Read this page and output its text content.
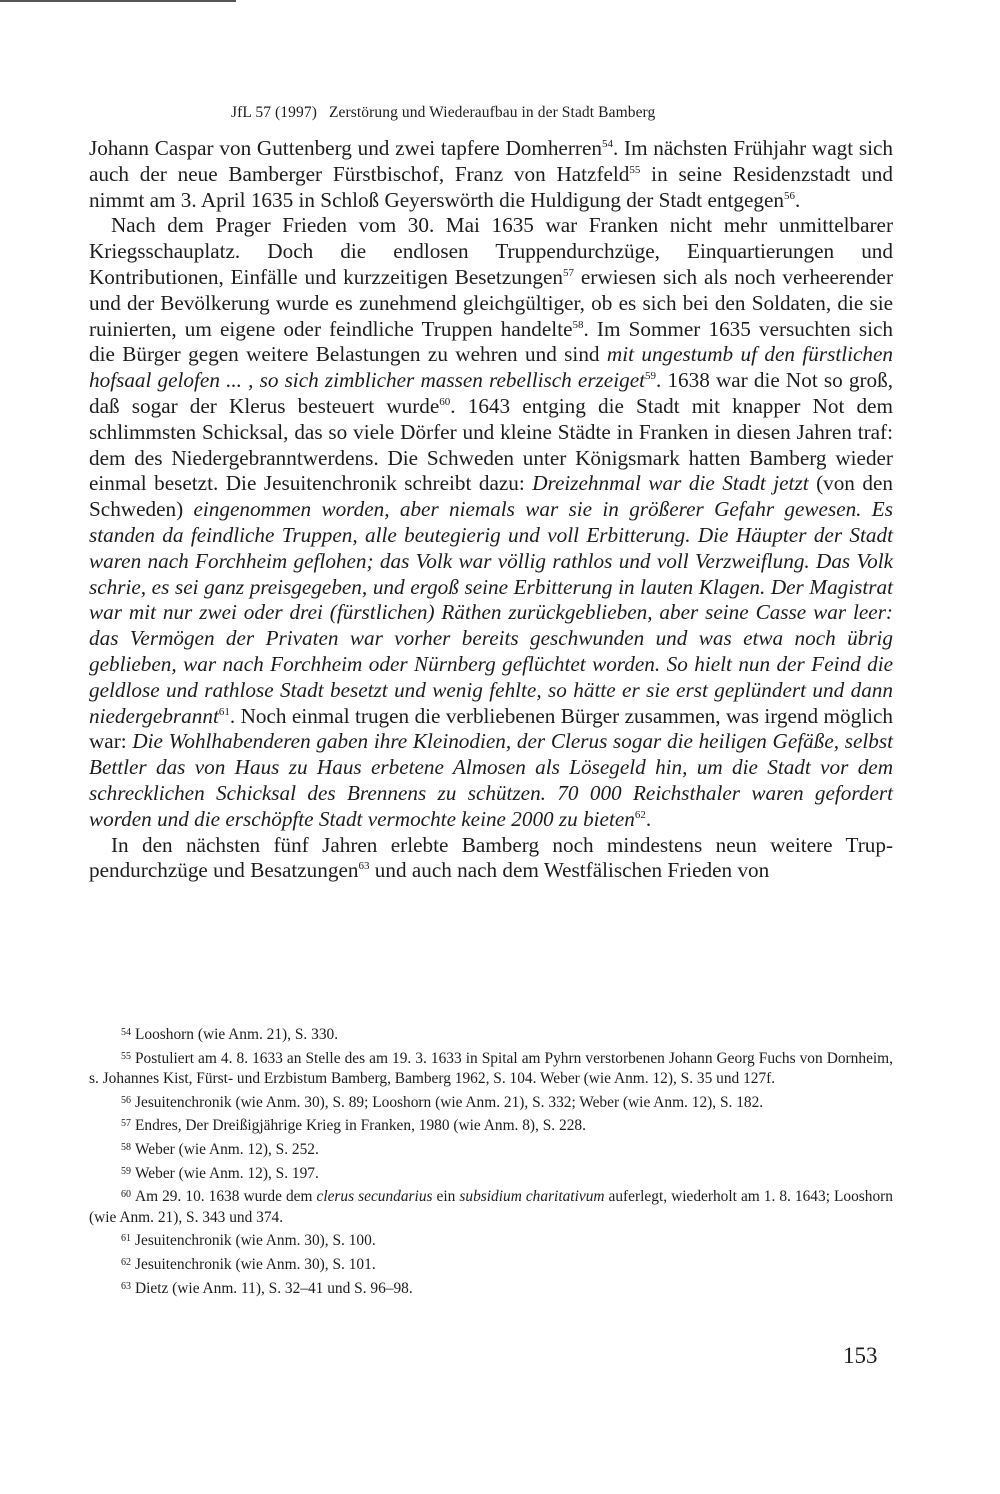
JfL 57 (1997) Zerstörung und Wiederaufbau in der Stadt Bamberg

Johann Caspar von Guttenberg und zwei tapfere Domherren$^{54}$. Im nächsten Frühjahr wagt sich auch der neue Bamberger Fürstbischof, Franz von Hatzfeld$^{55}$ in seine Residenzstadt und nimmt am 3. April 1635 in Schloß Geyerswörth die Huldigung der Stadt entgegen$^{56}$.

Nach dem Prager Frieden vom 30. Mai 1635 war Franken nicht mehr unmittelbarer Kriegsschauplatz. Doch die endlosen Truppendurchzüge, Einquartierungen und Kontributionen, Einfälle und kurzzeitigen Besetzungen$^{57}$ erwiesen sich als noch verheerender und der Bevölkerung wurde es zunehmend gleichgültiger, ob es sich bei den Soldaten, die sie ruinierten, um eigene oder feindliche Truppen handelte$^{58}$. Im Sommer 1635 versuchten sich die Bürger gegen weitere Belastungen zu wehren und sind mit ungestumb uf den fürstlichen hofsaal gelofen ... , so sich zimblicher massen rebellisch erzeiget$^{59}$. 1638 war die Not so groß, daß sogar der Klerus besteuert wurde$^{60}$. 1643 entging die Stadt mit knapper Not dem schlimmsten Schicksal, das so viele Dörfer und kleine Städte in Franken in diesen Jahren traf: dem des Niedergebranntwerdens. Die Schweden unter Königsmark hatten Bamberg wieder einmal besetzt. Die Jesuitenchronik schreibt dazu: Dreizehnmal war die Stadt jetzt (von den Schweden) eingenommen worden, aber niemals war sie in größerer Gefahr gewesen. Es standen da feindliche Truppen, alle beutegierig und voll Erbitterung. Die Häupter der Stadt waren nach Forchheim geflohen; das Volk war völlig rathlos und voll Verzweiflung. Das Volk schrie, es sei ganz preisgegeben, und ergoß seine Erbitterung in lauten Klagen. Der Magistrat war mit nur zwei oder drei (fürstlichen) Räthen zurückgeblieben, aber seine Casse war leer: das Vermögen der Privaten war vorher bereits geschwunden und was etwa noch übrig geblieben, war nach Forchheim oder Nürnberg geflüchtet worden. So hielt nun der Feind die geldlose und rathlose Stadt besetzt und wenig fehlte, so hätte er sie erst geplündert und dann niedergebrannt$^{61}$. Noch einmal trugen die verbliebenen Bürger zusammen, was irgend möglich war: Die Wohlhabenderen gaben ihre Kleinodien, der Clerus sogar die heiligen Gefäße, selbst Bettler das von Haus zu Haus erbetene Almosen als Lösegeld hin, um die Stadt vor dem schrecklichen Schicksal des Brennens zu schützen. 70 000 Reichsthaler waren gefordert worden und die erschöpfte Stadt vermochte keine 2000 zu bieten$^{62}$.

In den nächsten fünf Jahren erlebte Bamberg noch mindestens neun weitere Truppendurchzüge und Besatzungen$^{63}$ und auch nach dem Westfälischen Frieden von

$^{54}$ Looshorn (wie Anm. 21), S. 330.

$^{55}$ Postuliert am 4. 8. 1633 an Stelle des am 19. 3. 1633 in Spital am Pyhrn verstorbenen Johann Georg Fuchs von Dornheim, s. Johannes Kist, Fürst- und Erzbistum Bamberg, Bamberg 1962, S. 104. Weber (wie Anm. 12), S. 35 und 127f.

$^{56}$ Jesuitenchronik (wie Anm. 30), S. 89; Looshorn (wie Anm. 21), S. 332; Weber (wie Anm. 12), S. 182.

$^{57}$ Endres, Der Dreißigjährige Krieg in Franken, 1980 (wie Anm. 8), S. 228.

$^{58}$ Weber (wie Anm. 12), S. 252.

$^{59}$ Weber (wie Anm. 12), S. 197.

$^{60}$ Am 29. 10. 1638 wurde dem clerus secundarius ein subsidium charitativum auferlegt, wiederholt am 1. 8. 1643; Looshorn (wie Anm. 21), S. 343 und 374.

$^{61}$ Jesuitenchronik (wie Anm. 30), S. 100.

$^{62}$ Jesuitenchronik (wie Anm. 30), S. 101.

$^{63}$ Dietz (wie Anm. 11), S. 32–41 und S. 96–98.

153
